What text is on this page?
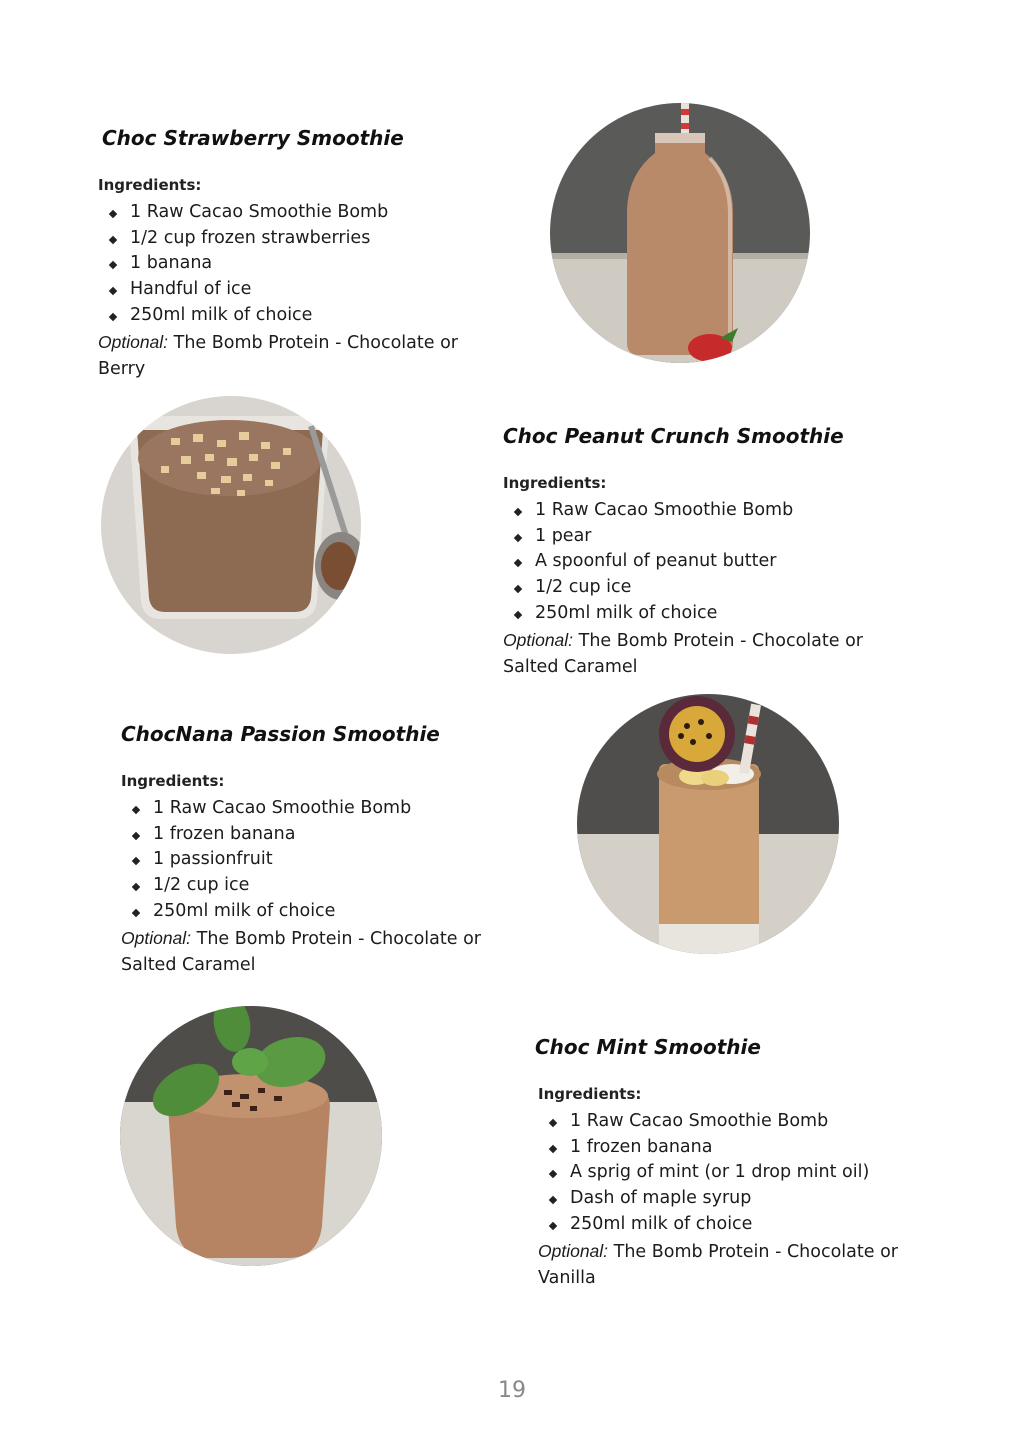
Choc Strawberry Smoothie
Ingredients:
1 Raw Cacao Smoothie Bomb
1/2 cup frozen strawberries
1 banana
Handful of ice
250ml milk of choice

Optional: The Bomb Protein - Chocolate or Berry

Choc Peanut Crunch Smoothie
Ingredients:
1 Raw Cacao Smoothie Bomb
1 pear
A spoonful of peanut butter
1/2 cup ice
250ml milk of choice

Optional: The Bomb Protein - Chocolate or Salted Caramel

ChocNana Passion Smoothie
Ingredients:
1 Raw Cacao Smoothie Bomb
1 frozen banana
1 passionfruit
1/2 cup ice
250ml milk of choice

Optional: The Bomb Protein - Chocolate or Salted Caramel

Choc Mint Smoothie
Ingredients:
1 Raw Cacao Smoothie Bomb
1 frozen banana
A sprig of mint (or 1 drop mint oil)
Dash of maple syrup
250ml milk of choice

Optional: The Bomb Protein - Chocolate or Vanilla

19
